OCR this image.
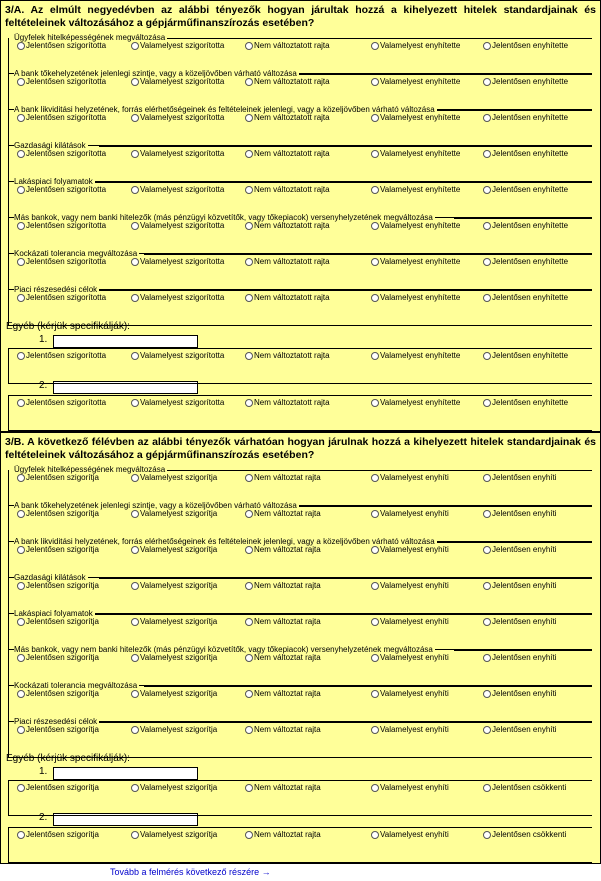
3/A. Az elmúlt negyedévben az alábbi tényezők hogyan járultak hozzá a kihelyezett hitelek standardjainak és feltételeinek változásához a gépjárműfinanszírozás esetében?
Ügyfelek hitelképességének megváltozása
Jelentősen szigorította	Valamelyest szigorította	Nem változtatott rajta	Valamelyest enyhítette	Jelentősen enyhítette
A bank tőkehelyzetének jelenlegi szintje, vagy a közeljövőben várható változása
Jelentősen szigorította	Valamelyest szigorította	Nem változtatott rajta	Valamelyest enyhítette	Jelentősen enyhítette
A bank likviditási helyzetének, forrás elérhetőségeinek és feltételeinek jelenlegi, vagy a közeljövőben várható változása
Jelentősen szigorította	Valamelyest szigorította	Nem változtatott rajta	Valamelyest enyhítette	Jelentősen enyhítette
Gazdasági kilátások
Jelentősen szigorította	Valamelyest szigorította	Nem változtatott rajta	Valamelyest enyhítette	Jelentősen enyhítette
Lakáspiaci folyamatok
Jelentősen szigorította	Valamelyest szigorította	Nem változtatott rajta	Valamelyest enyhítette	Jelentősen enyhítette
Más bankok, vagy nem banki hitelezők (más pénzügyi közvetítők, vagy tőkepiacok) versenyhelyzetének megváltozása
Jelentősen szigorította	Valamelyest szigorította	Nem változtatott rajta	Valamelyest enyhítette	Jelentősen enyhítette
Kockázati tolerancia megváltozása
Jelentősen szigorította	Valamelyest szigorította	Nem változtatott rajta	Valamelyest enyhítette	Jelentősen enyhítette
Piaci részesedési célok
Jelentősen szigorította	Valamelyest szigorította	Nem változtatott rajta	Valamelyest enyhítette	Jelentősen enyhítette
Egyéb (kérjük specifikálják):
1.
2.
Jelentősen szigorította	Valamelyest szigorította	Nem változtatott rajta	Valamelyest enyhítette	Jelentősen enyhítette
Jelentősen szigorította	Valamelyest szigorította	Nem változtatott rajta	Valamelyest enyhítette	Jelentősen enyhítette
3/B. A következő félévben az alábbi tényezők várhatóan hogyan járulnak hozzá a kihelyezett hitelek standardjainak és feltételeinek változásához a gépjárműfinanszírozás esetében?
Ügyfelek hitelképességének megváltozása
Jelentősen szigorítja	Valamelyest szigorítja	Nem változtat rajta	Valamelyest enyhíti	Jelentősen enyhíti
A bank tőkehelyzetének jelenlegi szintje, vagy a közeljövőben várható változása
Jelentősen szigorítja	Valamelyest szigorítja	Nem változtat rajta	Valamelyest enyhíti	Jelentősen enyhíti
A bank likviditási helyzetének, forrás elérhetőségeinek és feltételeinek jelenlegi, vagy a közeljövőben várható változása
Jelentősen szigorítja	Valamelyest szigorítja	Nem változtat rajta	Valamelyest enyhíti	Jelentősen enyhíti
Gazdasági kilátások
Jelentősen szigorítja	Valamelyest szigorítja	Nem változtat rajta	Valamelyest enyhíti	Jelentősen enyhíti
Lakáspiaci folyamatok
Jelentősen szigorítja	Valamelyest szigorítja	Nem változtat rajta	Valamelyest enyhíti	Jelentősen enyhíti
Más bankok, vagy nem banki hitelezők (más pénzügyi közvetítők, vagy tőkepiacok) versenyhelyzetének megváltozása
Jelentősen szigorítja	Valamelyest szigorítja	Nem változtat rajta	Valamelyest enyhíti	Jelentősen enyhíti
Kockázati tolerancia megváltozása
Jelentősen szigorítja	Valamelyest szigorítja	Nem változtat rajta	Valamelyest enyhíti	Jelentősen enyhíti
Piaci részesedési célok
Jelentősen szigorítja	Valamelyest szigorítja	Nem változtat rajta	Valamelyest enyhíti	Jelentősen enyhíti
Egyéb (kérjük specifikálják):
1.
2.
Jelentősen szigorítja	Valamelyest szigorítja	Nem változtat rajta	Valamelyest enyhíti	Jelentősen csökkenti
Jelentősen szigorítja	Valamelyest szigorítja	Nem változtat rajta	Valamelyest enyhíti	Jelentősen csökkenti
Tovább a felmérés következő részére →
